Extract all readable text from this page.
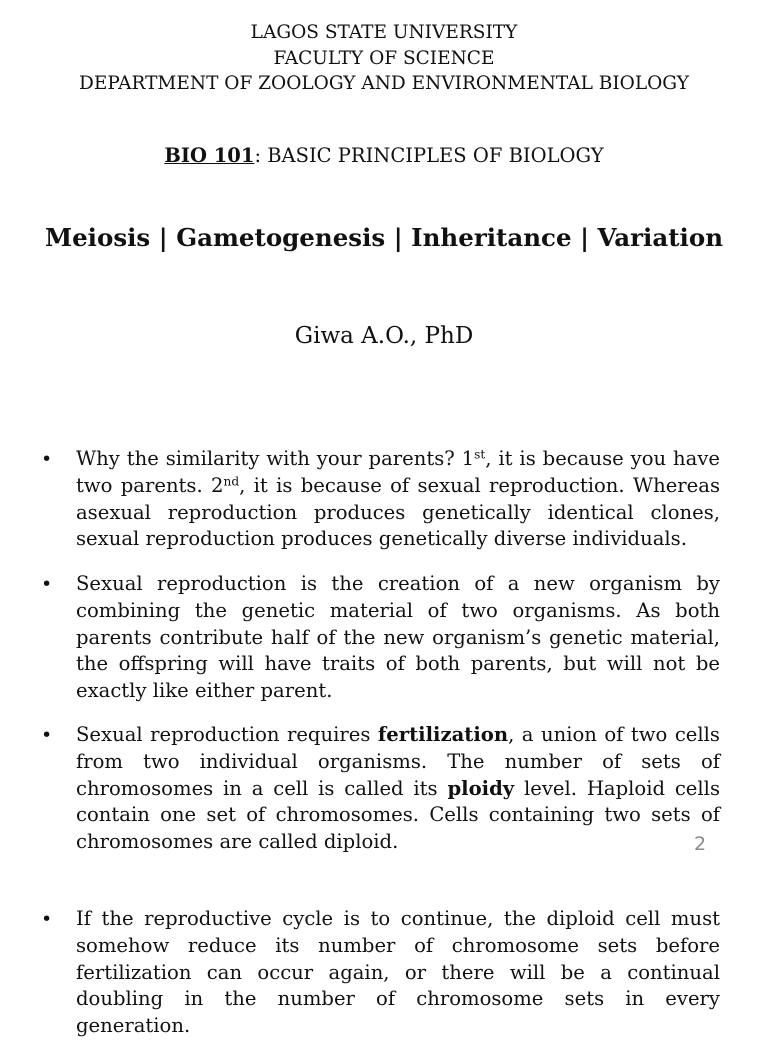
LAGOS STATE UNIVERSITY
FACULTY OF SCIENCE
DEPARTMENT OF ZOOLOGY AND ENVIRONMENTAL BIOLOGY
BIO 101: BASIC PRINCIPLES OF BIOLOGY
Meiosis | Gametogenesis | Inheritance | Variation
Giwa A.O., PhD
• Why the similarity with your parents? 1st, it is because you have two parents. 2nd, it is because of sexual reproduction. Whereas asexual reproduction produces genetically identical clones, sexual reproduction produces genetically diverse individuals.
• Sexual reproduction is the creation of a new organism by combining the genetic material of two organisms. As both parents contribute half of the new organism’s genetic material, the offspring will have traits of both parents, but will not be exactly like either parent.
• Sexual reproduction requires fertilization, a union of two cells from two individual organisms. The number of sets of chromosomes in a cell is called its ploidy level. Haploid cells contain one set of chromosomes. Cells containing two sets of chromosomes are called diploid.
• If the reproductive cycle is to continue, the diploid cell must somehow reduce its number of chromosome sets before fertilization can occur again, or there will be a continual doubling in the number of chromosome sets in every generation.
2
